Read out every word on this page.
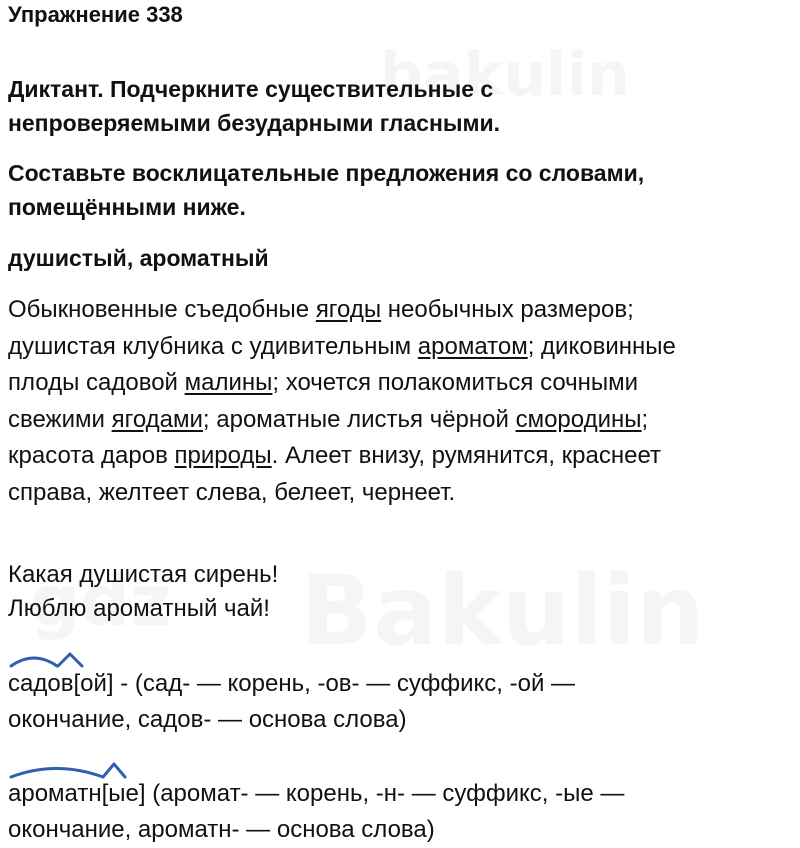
Упражнение 338
Диктант. Подчеркните существительные с
непроверяемыми безударными гласными.
Составьте восклицательные предложения со словами,
помещёнными ниже.
душистый, ароматный
Обыкновенные съедобные ягоды необычных размеров;
душистая клубника с удивительным ароматом; диковинные
плоды садовой малины; хочется полакомиться сочными
свежими ягодами; ароматные листья чёрной смородины;
красота даров природы. Алеет внизу, румянится, краснеет
справа, желтеет слева, белеет, чернеет.
Какая душистая сирень!
Люблю ароматный чай!
садов[ой] - (сад- — корень, -ов- — суффикс, -ой —
окончание, садов- — основа слова)
ароматн[ые] (аромат- — корень, -н- — суффикс, -ые —
окончание, ароматн- — основа слова)
